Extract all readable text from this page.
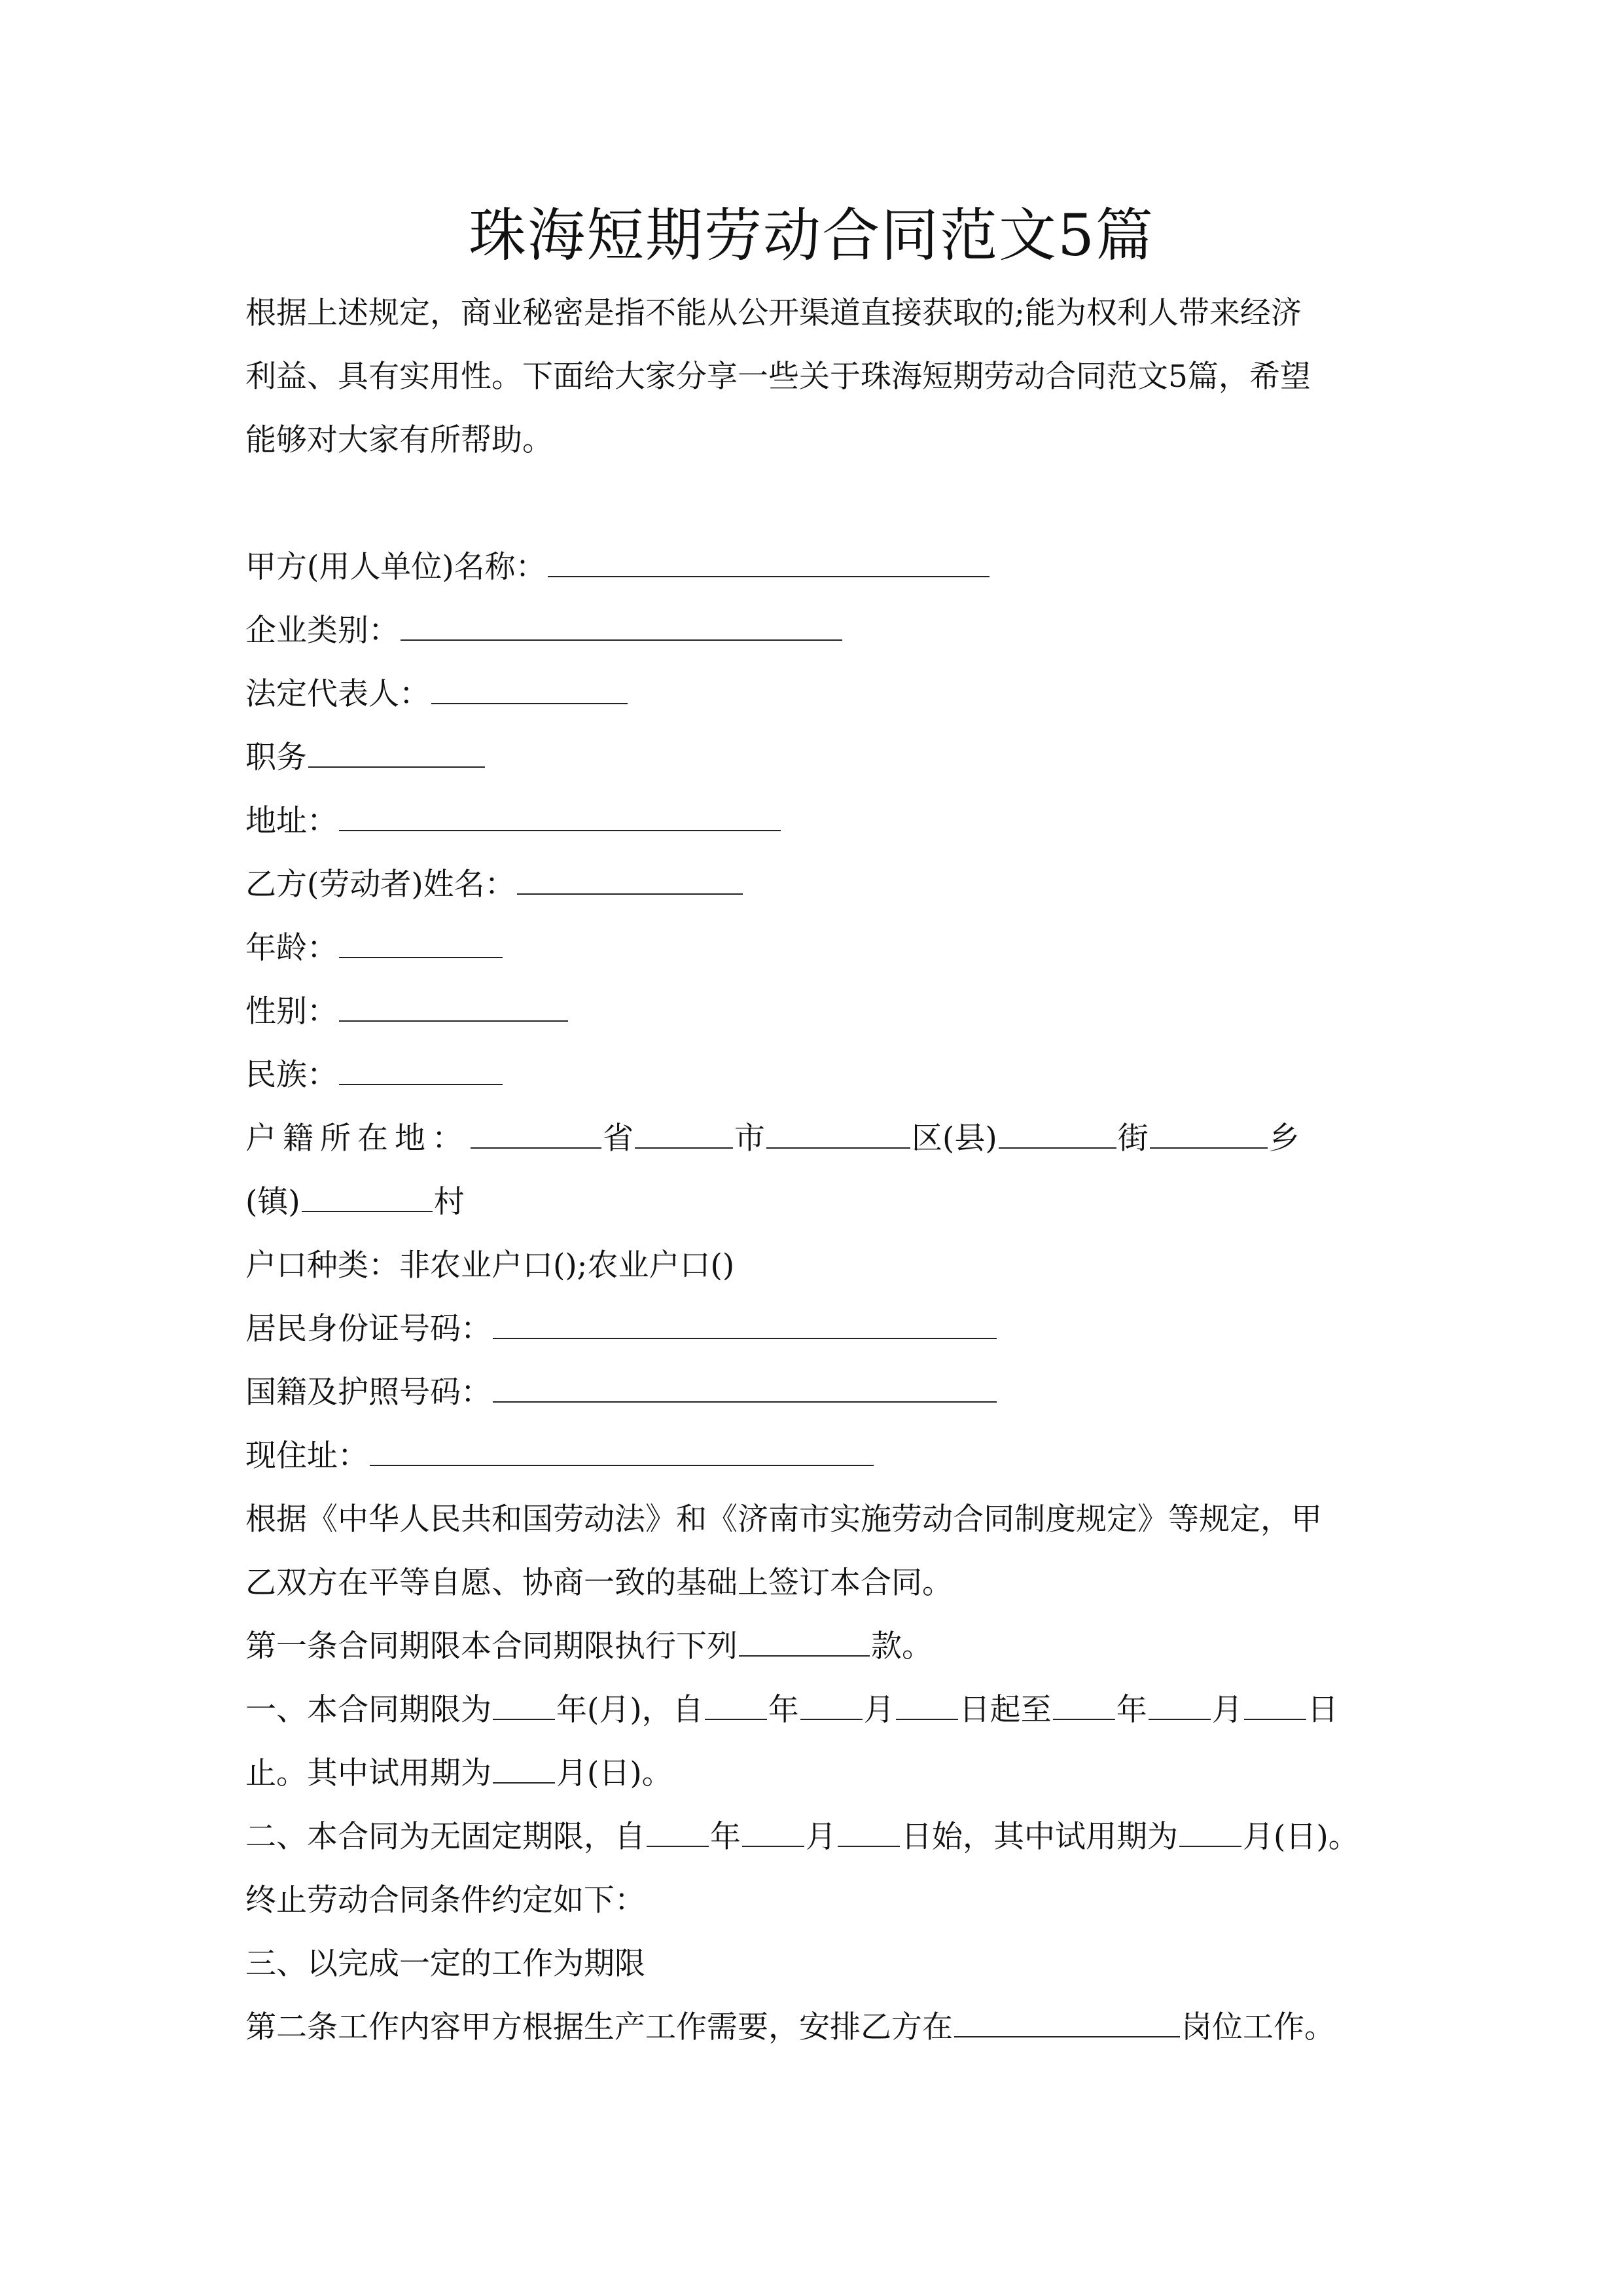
珠海短期劳动合同范文5篇
根据上述规定，商业秘密是指不能从公开渠道直接获取的;能为权利人带来经济
利益、具有实用性。下面给大家分享一些关于珠海短期劳动合同范文5篇，希望
能够对大家有所帮助。
甲方(用人单位)名称：
企业类别：
法定代表人：
职务
地址：
乙方(劳动者)姓名：
年龄：
性别：
民族：
户籍所在地：	省	市	区(县)	街	乡
(镇)	村
户口种类：非农业户口();农业户口()
居民身份证号码：
国籍及护照号码：
现住址：
根据《中华人民共和国劳动法》和《济南市实施劳动合同制度规定》等规定，甲
乙双方在平等自愿、协商一致的基础上签订本合同。
第一条合同期限本合同期限执行下列	款。
一、本合同期限为 年(月)，自 年 月 日起至 年 月 日
止。其中试用期为 月(日)。
二、本合同为无固定期限，自 年 月 日始，其中试用期为 月(日)。
终止劳动合同条件约定如下：
三、以完成一定的工作为期限
第二条工作内容甲方根据生产工作需要，安排乙方在	岗位工作。
